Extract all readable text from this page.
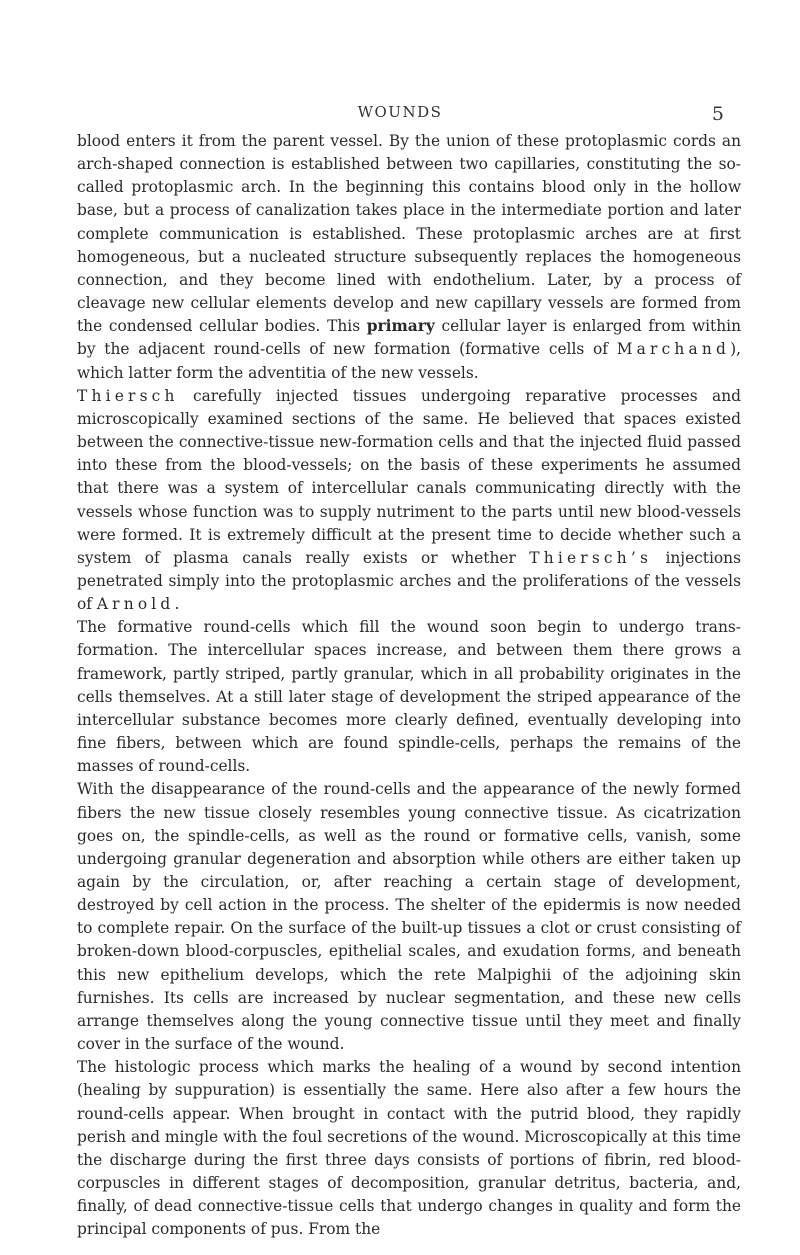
WOUNDS	5

blood enters it from the parent vessel. By the union of these protoplasmic cords an arch-shaped connection is established between two capillaries, constituting the so-called protoplasmic arch. In the beginning this contains blood only in the hollow base, but a process of canalization takes place in the intermediate portion and later complete communication is established. These protoplasmic arches are at first homogeneous, but a nucleated structure subsequently replaces the homogeneous connection, and they become lined with endothelium. Later, by a process of cleavage new cellular elements develop and new capillary vessels are formed from the condensed cellular bodies. This primary cellular layer is enlarged from within by the adjacent round-cells of new formation (formative cells of Marchand), which latter form the adventitia of the new vessels.

Thiersch carefully injected tissues undergoing reparative processes and microscopically examined sections of the same. He believed that spaces existed between the connective-tissue new-formation cells and that the injected fluid passed into these from the blood-vessels; on the basis of these experiments he assumed that there was a system of intercellular canals communicating directly with the vessels whose function was to supply nutriment to the parts until new blood-vessels were formed. It is extremely difficult at the present time to decide whether such a system of plasma canals really exists or whether Thiersch’s injections penetrated simply into the protoplasmic arches and the proliferations of the vessels of Arnold.

The formative round-cells which fill the wound soon begin to undergo transformation. The intercellular spaces increase, and between them there grows a framework, partly striped, partly granular, which in all probability originates in the cells themselves. At a still later stage of development the striped appearance of the intercellular substance becomes more clearly defined, eventually developing into fine fibers, between which are found spindle-cells, perhaps the remains of the masses of round-cells.

With the disappearance of the round-cells and the appearance of the newly formed fibers the new tissue closely resembles young connective tissue. As cicatrization goes on, the spindle-cells, as well as the round or formative cells, vanish, some undergoing granular degeneration and absorption while others are either taken up again by the circulation, or, after reaching a certain stage of development, destroyed by cell action in the process. The shelter of the epidermis is now needed to complete repair. On the surface of the built-up tissues a clot or crust consisting of broken-down blood-corpuscles, epithelial scales, and exudation forms, and beneath this new epithelium develops, which the rete Malpighii of the adjoining skin furnishes. Its cells are increased by nuclear segmentation, and these new cells arrange themselves along the young connective tissue until they meet and finally cover in the surface of the wound.

The histologic process which marks the healing of a wound by second intention (healing by suppuration) is essentially the same. Here also after a few hours the round-cells appear. When brought in contact with the putrid blood, they rapidly perish and mingle with the foul secretions of the wound. Microscopically at this time the discharge during the first three days consists of portions of fibrin, red blood-corpuscles in different stages of decomposition, granular detritus, bacteria, and, finally, of dead connective-tissue cells that undergo changes in quality and form the principal components of pus. From the
